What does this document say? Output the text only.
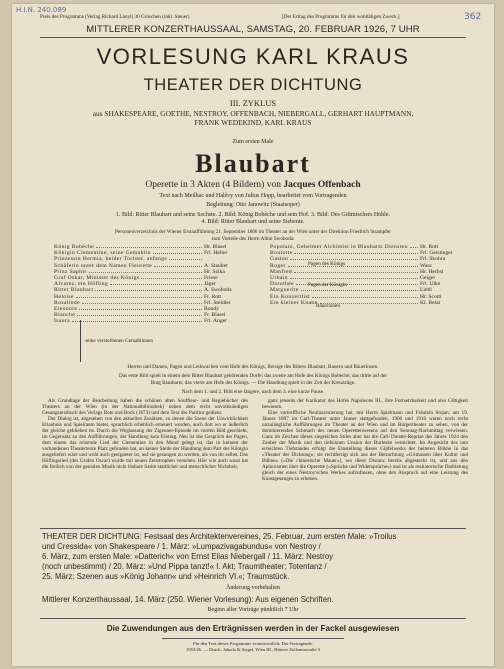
H.I.N. 240.089
362
Preis des Programms (Verlag Richard Lányi) 30 Groschen (inkl. Steuer)	[Der Ertrag des Programms für den wohltätigen Zweck.]
MITTLERER KONZERTHAUSSAAL, SAMSTAG, 20. FEBRUAR 1926, 7 UHR
VORLESUNG KARL KRAUS
THEATER DER DICHTUNG
III. ZYKLUS
aus SHAKESPEARE, GOETHE, NESTROY, OFFENBACH, NIEBERGALL, GERHART HAUPTMANN,
FRANK WEDEKIND, KARL KRAUS
Zum ersten Male
Blaubart
Operette in 3 Akten (4 Bildern) von Jacques Offenbach
Text nach Meilhac und Halévy von Julius Hopp, bearbeitet vom Vortragenden
Begleitung: Otto Janowitz (Staatsoper)
1. Bild: Ritter Blaubart und seine Sechste. 2. Bild: König Bobèche und sein Hof. 3. Bild: Des Giftmischers Hohle.
4. Bild: Ritter Blaubart und seine Siebente.
Personenverzeichnis der Wiener Erstaufführung 21. September 1866 im Theater an der Wien unter der Direktion Friedrich Strampfer
zum Vorteile des Herrn Albin Swoboda:
König Bobèche	Hr. Blasel
Königin Clementine, seine Gemahlin	Frl. Heller
Prinzessin Hermia, beider Tochter, anfangs
Schäferin unter dem Namen Fleurette	A. Stauber
Prinz Saphir	Hr. Szika
Graf Oskar, Minister des Königs	Friese
Alvarez, ein Höfling	Jäger
Ritter Blaubart	A. Swoboda
Heloise	Fr. Rott
Rosalinde	Frl. Steidler
Eleonore	Bondy
Blanche	Fr. Blasel
Isaura	Frl. Anger
seine verstorbenen Gemahlinnen
Popolani, Geheimer Alchimist in Blaubarts Diensten Hr. Rott
Boulotte	Frl. Geistinger
Gaston	Frl. Skuhra
Roger	Wass
Manfred	Hr. Herbst
Urbain	Geiger
Dorothée	Frl. Ulke
Marguerite	Liebl
Ein Konzertlist	Hr. Scotti
Ein kleiner Knabe	Kl. Belai
Pagen des Königs
Pagen der Königin
Bäuerinnen
Herren und Damen, Pagen und Leibwachen vom Hofe des Königs, Reisige des Ritters Blaubart, Bauern und Bäuerinnen.
Das erste Bild spielt in einem dem Ritter Blaubart gehörenden Dorfe; das zweite am Hofe des Königs Bobèche; das dritte auf der
Burg Blaubarts; das vierte am Hofe des Königs. — Die Handlung spielt in der Zeit der Kreuzzüge.
Nach dem 1. und 2. Bild eine längere, nach dem 3. eine kurze Pause.

Als Grundlage der Bearbeitung haben die schönen alten Souffleur- und Regiebücher des Theaters an der Wien (in der Nationalbibliothek) neben dem recht unvollständigen Gesangstextbuch des Verlags Bote und Bock (1873) und dem Text der Partitur gedient.

Der Dialog ist, abgesehen von den aktuellen Zusätzen, zu denen die Szene der Unwirklichkeit Erlaubnis und Spielraum bietet, sprachlich erheblich erneuert worden, auch dort wo er äußerlich der gleiche geblieben ist. Durch die Weglassung der Zigeuner-Episode im vierten Bild geschieht, im Gegensatz zu den Aufführungen, der Handlung kein Eintrag. Neu ist das Gespräch der Pagen, dem einem das reizende Lied der Clementine in den Mund gelegt ist, das in keinem der vorhandenen Theatertexte Platz gefunden hat, an keiner Stelle der Handlung dem Part der Königin ausgeliefert wäre und wohl auch geeigneter ist, auf sie gesungen zu werden, als von ihr selbst. Das Höflingslied (des Grafen Oscar) wurde mit neuen Zeitstrophen versehen. Hier wie auch sonst hat die freilich von der genialen Musik nicht lösbare Satire stattlicher und menschlicher Nichtheit,

ganz jenseits der Karikatur des Hofes Napoleons III., ihre Fortsetzbarkeit und also Giltigkeit bewiesen.

Eine vortreffliche Neuinszenierung hat, mit Herrn Spielmann und Fräulein Stojan, am 19. Jänner 1897 im Carl-Theater unter Jauner stattgefunden. 1906 und 1916 waren noch recht unzulängliche Aufführungen im Theater an der Wien und im Bürgertheater zu sehen, von der dominierenden Schmach des neuen Operettenwesens auf den Sonntag-Nachmittag verwiesen. Ganz im Zeichen dieses siegreichen Stiles aber hat die Carl-Theater-Reprise des Jahres 1924 den Zauber der Musik und den tiefsinnen Unsinn der Burleske vernichtet. Im Angesicht des nun erreichten Tiefstandes erfolgt die Einstellung dieses Gipfelwerks der heiteren Bühne in das »Theater der Dichtung«; sie rechtfertigt sich aus der Betrachtung »Grimassen über Kultur und Bühne« (»Die chinesische Mauer«), wo diese Distanz bereits abgesteckt ist, und aus den Aphorismen über die Operette (»Sprüche und Widersprüche«) und ist als rezitatorische Darbietung gleich der eines Nestroy'schen Werkes aufzufassen, ohne den Anspruch auf eine Leistung des Kunstgesanges zu erheben.

THEATER DER DICHTUNG: Festsaal des Architektenvereines, 25. Februar, zum ersten Male: »Troilus
und Cressida« von Shakespeare / 1. März: »Lumpazivagabundus« von Nestroy /
6. März, zum ersten Male: »Datterich« von Ernst Elias Niebergall / 11. März: Nestroy
(noch unbestimmt) / 20. März: »Und Pippa tanzt!« I. Akt; Traumtheater; Totentanz /
25. März: Szenen aus »König Johann« und »Heinrich VI.«; Traumstück.
Änderung vorbehalten
Mittlerer Konzerthaussaal, 14. März (250. Wiener Vorlesung): Aus eigenen Schriften.
Beginn aller Vorträge pünktlich 7 Uhr
Die Zuwendungen aus den Erträgnissen werden in der Fackel ausgewiesen
Für den Text dieses Programms verantwortlich: Der Vortragende.
1953/26. — Druck: Jahoda & Siegel, Wien III., Hintere Zollamtsstraße 3
